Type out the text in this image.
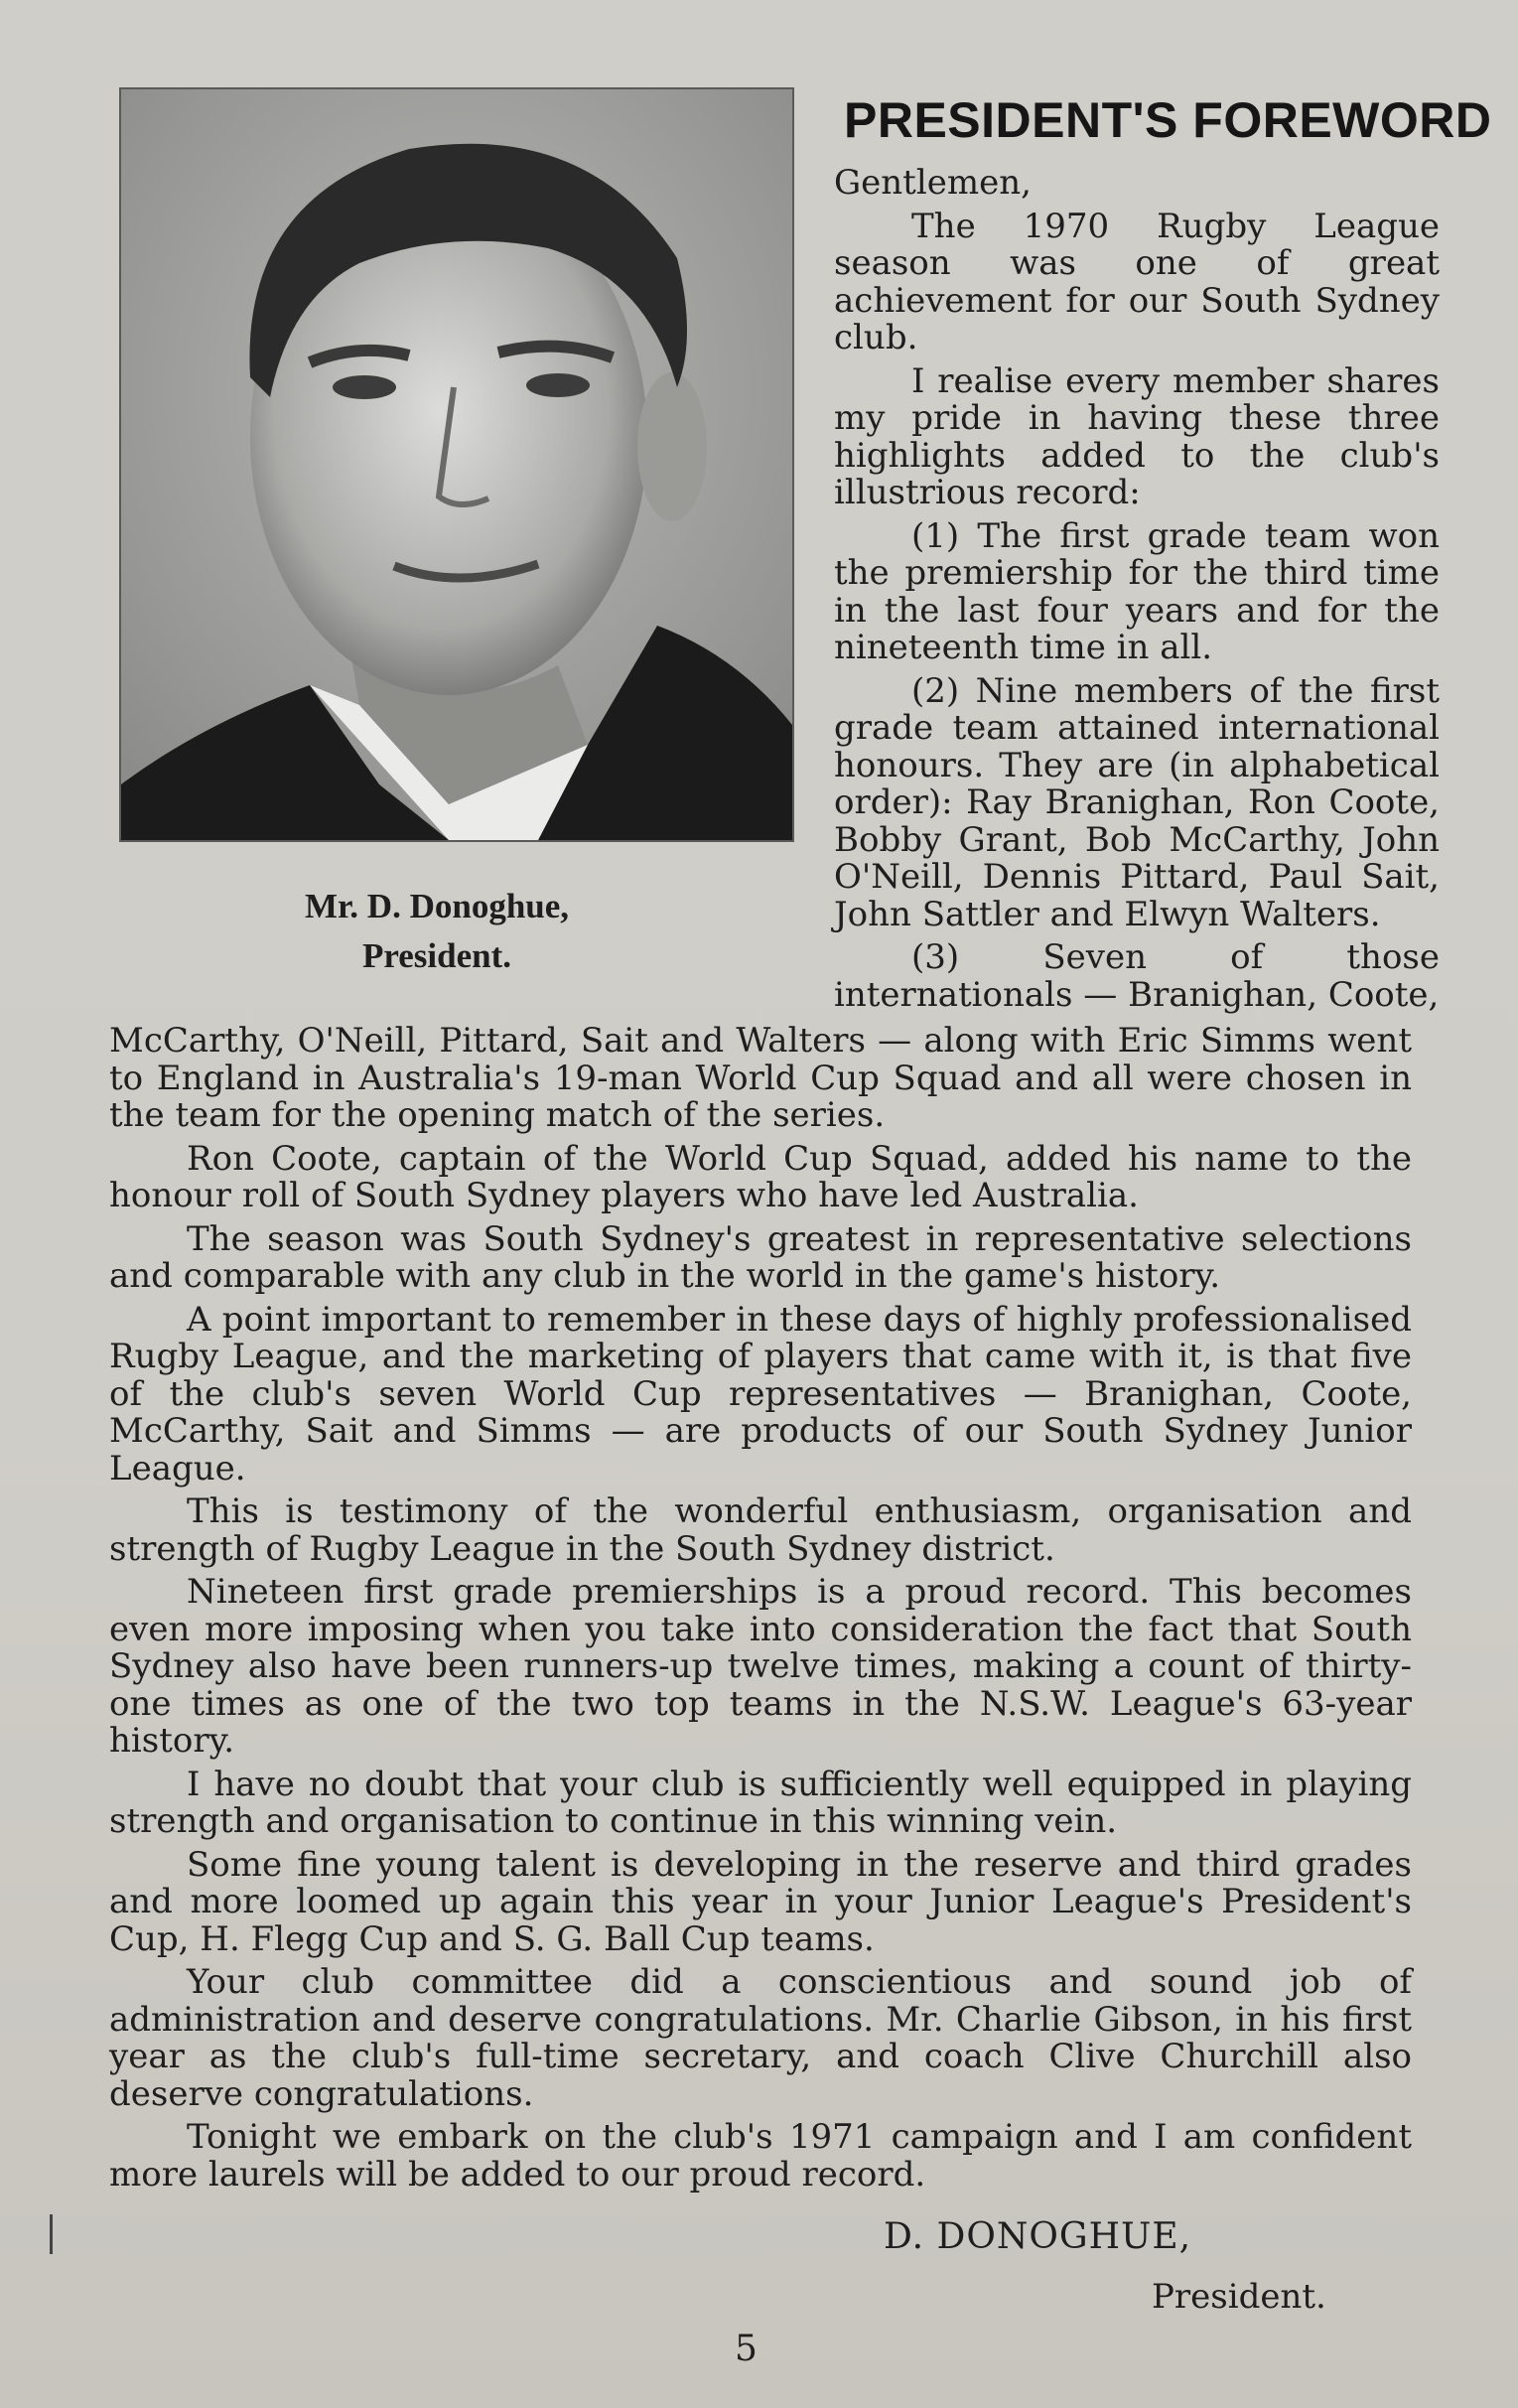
Mr. D. Donoghue,
President.
PRESIDENT'S FOREWORD

Gentlemen,

The 1970 Rugby League season was one of great achievement for our South Sydney club.

I realise every member shares my pride in having these three highlights added to the club's illustrious record:

(1) The first grade team won the premiership for the third time in the last four years and for the nineteenth time in all.

(2) Nine members of the first grade team attained international honours. They are (in alphabetical order): Ray Branighan, Ron Coote, Bobby Grant, Bob McCarthy, John O'Neill, Dennis Pittard, Paul Sait, John Sattler and Elwyn Walters.

(3) Seven of those internationals — Branighan, Coote,

McCarthy, O'Neill, Pittard, Sait and Walters — along with Eric Simms went to England in Australia's 19-man World Cup Squad and all were chosen in the team for the opening match of the series.

Ron Coote, captain of the World Cup Squad, added his name to the honour roll of South Sydney players who have led Australia.

The season was South Sydney's greatest in representative selections and comparable with any club in the world in the game's history.

A point important to remember in these days of highly professionalised Rugby League, and the marketing of players that came with it, is that five of the club's seven World Cup representatives — Branighan, Coote, McCarthy, Sait and Simms — are products of our South Sydney Junior League.

This is testimony of the wonderful enthusiasm, organisation and strength of Rugby League in the South Sydney district.

Nineteen first grade premierships is a proud record. This becomes even more imposing when you take into consideration the fact that South Sydney also have been runners-up twelve times, making a count of thirty-one times as one of the two top teams in the N.S.W. League's 63-year history.

I have no doubt that your club is sufficiently well equipped in playing strength and organisation to continue in this winning vein.

Some fine young talent is developing in the reserve and third grades and more loomed up again this year in your Junior League's President's Cup, H. Flegg Cup and S. G. Ball Cup teams.

Your club committee did a conscientious and sound job of administration and deserve congratulations. Mr. Charlie Gibson, in his first year as the club's full-time secretary, and coach Clive Churchill also deserve congratulations.

Tonight we embark on the club's 1971 campaign and I am confident more laurels will be added to our proud record.

D. DONOGHUE,
President.
5
